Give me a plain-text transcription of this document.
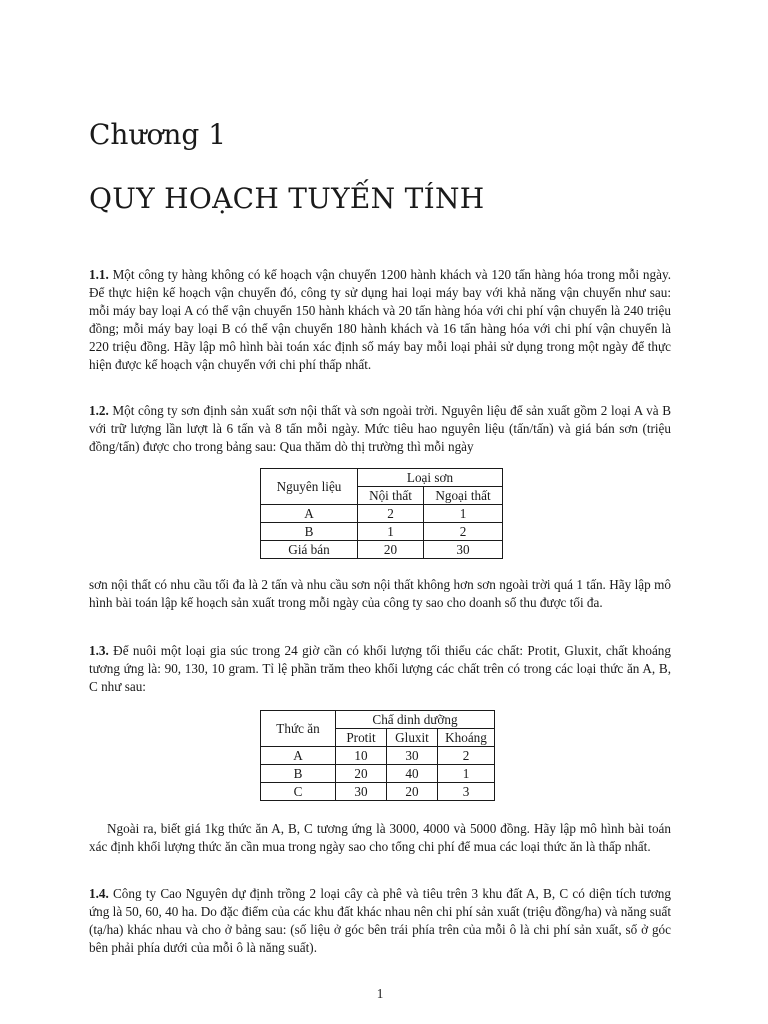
Chương 1
QUY HOẠCH TUYẾN TÍNH

1.1. Một công ty hàng không có kế hoạch vận chuyển 1200 hành khách và 120 tấn hàng hóa trong mỗi ngày. Để thực hiện kế hoạch vận chuyển đó, công ty sử dụng hai loại máy bay với khả năng vận chuyển như sau: mỗi máy bay loại A có thể vận chuyển 150 hành khách và 20 tấn hàng hóa với chi phí vận chuyển là 240 triệu đồng; mỗi máy bay loại B có thể vận chuyển 180 hành khách và 16 tấn hàng hóa với chi phí vận chuyển là 220 triệu đồng. Hãy lập mô hình bài toán xác định số máy bay mỗi loại phải sử dụng trong một ngày để thực hiện được kế hoạch vận chuyển với chi phí thấp nhất.

1.2. Một công ty sơn định sản xuất sơn nội thất và sơn ngoài trời. Nguyên liệu để sản xuất gồm 2 loại A và B với trữ lượng lần lượt là 6 tấn và 8 tấn mỗi ngày. Mức tiêu hao nguyên liệu (tấn/tấn) và giá bán sơn (triệu đồng/tấn) được cho trong bảng sau: Qua thăm dò thị trường thì mỗi ngày

Nguyên liệu	Loại sơn	
	Nội thất	Ngoại thất
A	2	1
B	1	2
Giá bán	20	30

sơn nội thất có nhu cầu tối đa là 2 tấn và nhu cầu sơn nội thất không hơn sơn ngoài trời quá 1 tấn. Hãy lập mô hình bài toán lập kế hoạch sản xuất trong mỗi ngày của công ty sao cho doanh số thu được tối đa.

1.3. Để nuôi một loại gia súc trong 24 giờ cần có khối lượng tối thiểu các chất: Protit, Gluxit, chất khoáng tương ứng là: 90, 130, 10 gram. Tỉ lệ phần trăm theo khối lượng các chất trên có trong các loại thức ăn A, B, C như sau:

Thức ăn	Chấ dinh dưỡng		
	Protit	Gluxit	Khoáng
A	10	30	2
B	20	40	1
C	30	20	3

Ngoài ra, biết giá 1kg thức ăn A, B, C tương ứng là 3000, 4000 và 5000 đồng. Hãy lập mô hình bài toán xác định khối lượng thức ăn cần mua trong ngày sao cho tổng chi phí để mua các loại thức ăn là thấp nhất.

1.4. Công ty Cao Nguyên dự định trồng 2 loại cây cà phê và tiêu trên 3 khu đất A, B, C có diện tích tương ứng là 50, 60, 40 ha. Do đặc điểm của các khu đất khác nhau nên chi phí sản xuất (triệu đồng/ha) và năng suất (tạ/ha) khác nhau và cho ở bảng sau: (số liệu ở góc bên trái phía trên của mỗi ô là chi phí sản xuất, số ở góc bên phải phía dưới của mỗi ô là năng suất).

1
